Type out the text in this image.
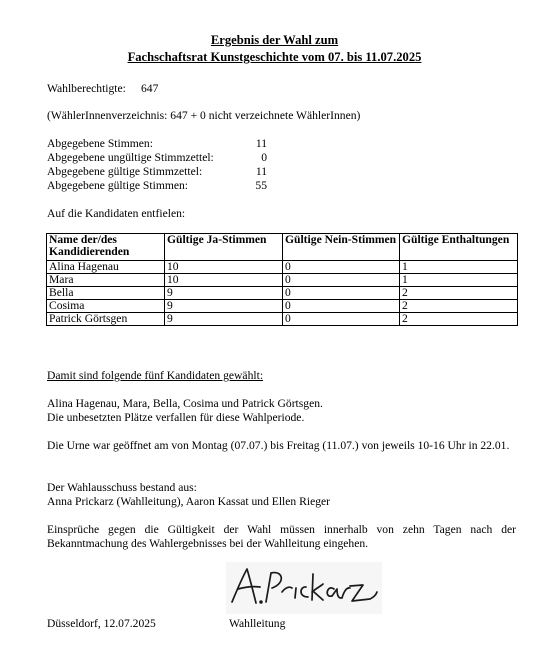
Ergebnis der Wahl zum
Fachschaftsrat Kunstgeschichte vom 07. bis 11.07.2025
Wahlberechtigte: 647
(WählerInnenverzeichnis: 647 + 0 nicht verzeichnete WählerInnen)
Abgegebene Stimmen:	11
Abgegebene ungültige Stimmzettel:	0
Abgegebene gültige Stimmzettel:	11
Abgegebene gültige Stimmen:	55
Auf die Kandidaten entfielen:
Name der/des Kandidierenden	Gültige Ja-Stimmen	Gültige Nein-Stimmen	Gültige Enthaltungen
Alina Hagenau	10	0	1
Mara	10	0	1
Bella	9	0	2
Cosima	9	0	2
Patrick Görtsgen	9	0	2
Damit sind folgende fünf Kandidaten gewählt:
Alina Hagenau, Mara, Bella, Cosima und Patrick Görtsgen.
Die unbesetzten Plätze verfallen für diese Wahlperiode.
Die Urne war geöffnet am von Montag (07.07.) bis Freitag (11.07.) von jeweils 10-16 Uhr in 22.01.
Der Wahlausschuss bestand aus:
Anna Prickarz (Wahlleitung), Aaron Kassat und Ellen Rieger
Einsprüche gegen die Gültigkeit der Wahl müssen innerhalb von zehn Tagen nach der Bekanntmachung des Wahlergebnisses bei der Wahlleitung eingehen.
Düsseldorf, 12.07.2025	Wahlleitung
